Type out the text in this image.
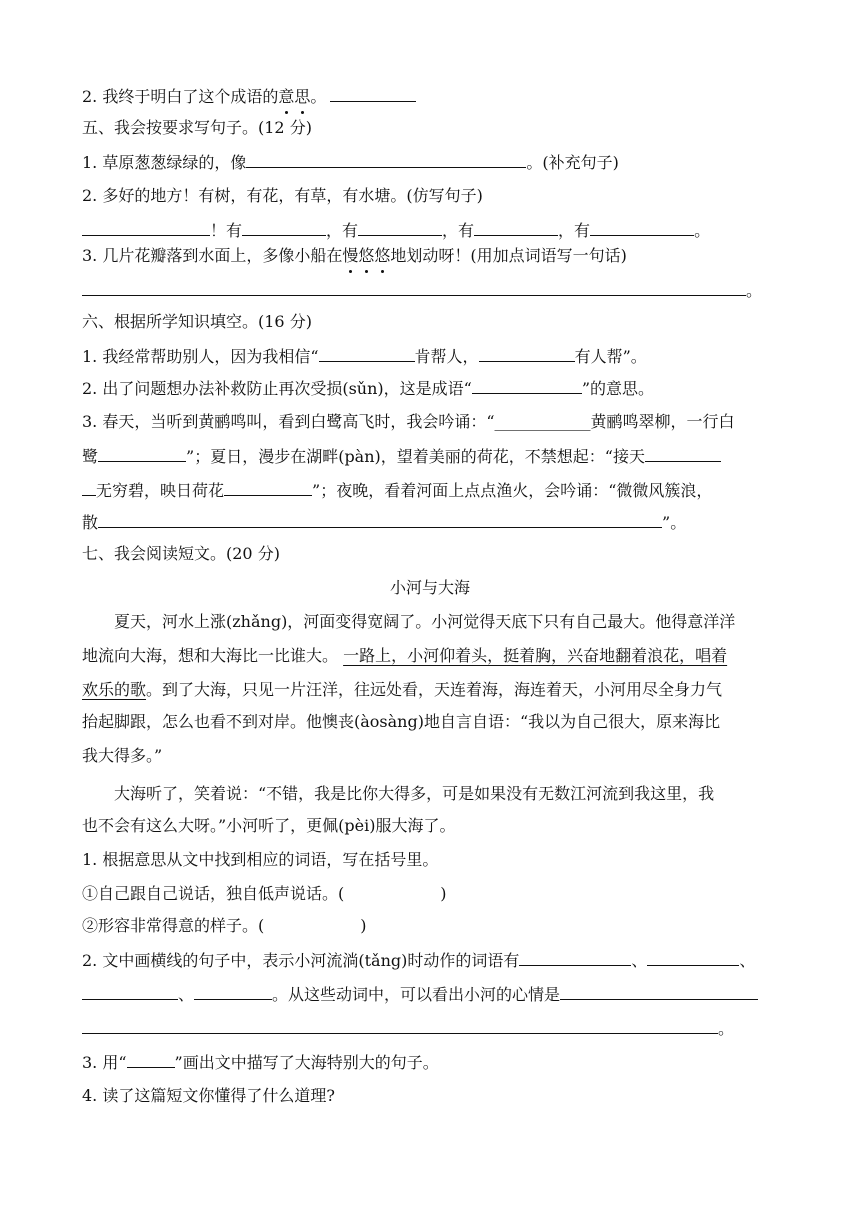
2. 我终于明白了这个成语的意思。
五、我会按要求写句子。(12 分)
1. 草原葱葱绿绿的，像	。(补充句子)
2. 多好的地方！有树，有花，有草，有水塘。(仿写句子)
！有	，有	，有	，有	。
3. 几片花瓣落到水面上，多像小船在慢悠悠地划动呀！(用加点词语写一句话)
。
六、根据所学知识填空。(16 分)
1. 我经常帮助别人，因为我相信“	肯帮人，	有人帮”。
2. 出了问题想办法补救防止再次受损(sǔn)，这是成语“	”的意思。
3. 春天，当听到黄鹂鸣叫，看到白鹭高飞时，我会吟诵：“____________黄鹂鸣翠柳，一行白
鹭	”；夏日，漫步在湖畔(pàn)，望着美丽的荷花，不禁想起：“接天
无穷碧，映日荷花	”；夜晚，看着河面上点点渔火，会吟诵：“微微风簇浪，
散	”。
七、我会阅读短文。(20 分)
小河与大海
夏天，河水上涨(zhǎng)，河面变得宽阔了。小河觉得天底下只有自己最大。他得意洋洋
地流向大海，想和大海比一比谁大。 一路上，小河仰着头，挺着胸，兴奋地翻着浪花，唱着
欢乐的歌。到了大海，只见一片汪洋，往远处看，天连着海，海连着天，小河用尽全身力气
抬起脚跟，怎么也看不到对岸。他懊丧(àosàng)地自言自语：“我以为自己很大，原来海比
我大得多。”
大海听了，笑着说：“不错，我是比你大得多，可是如果没有无数江河流到我这里，我
也不会有这么大呀。”小河听了，更佩(pèi)服大海了。
1. 根据意思从文中找到相应的词语，写在括号里。
①自己跟自己说话，独自低声说话。(	)
②形容非常得意的样子。(	)
2. 文中画横线的句子中，表示小河流淌(tǎng)时动作的词语有	、	、
、	。从这些动词中，可以看出小河的心情是
。
3. 用“	”画出文中描写了大海特别大的句子。
4. 读了这篇短文你懂得了什么道理?
